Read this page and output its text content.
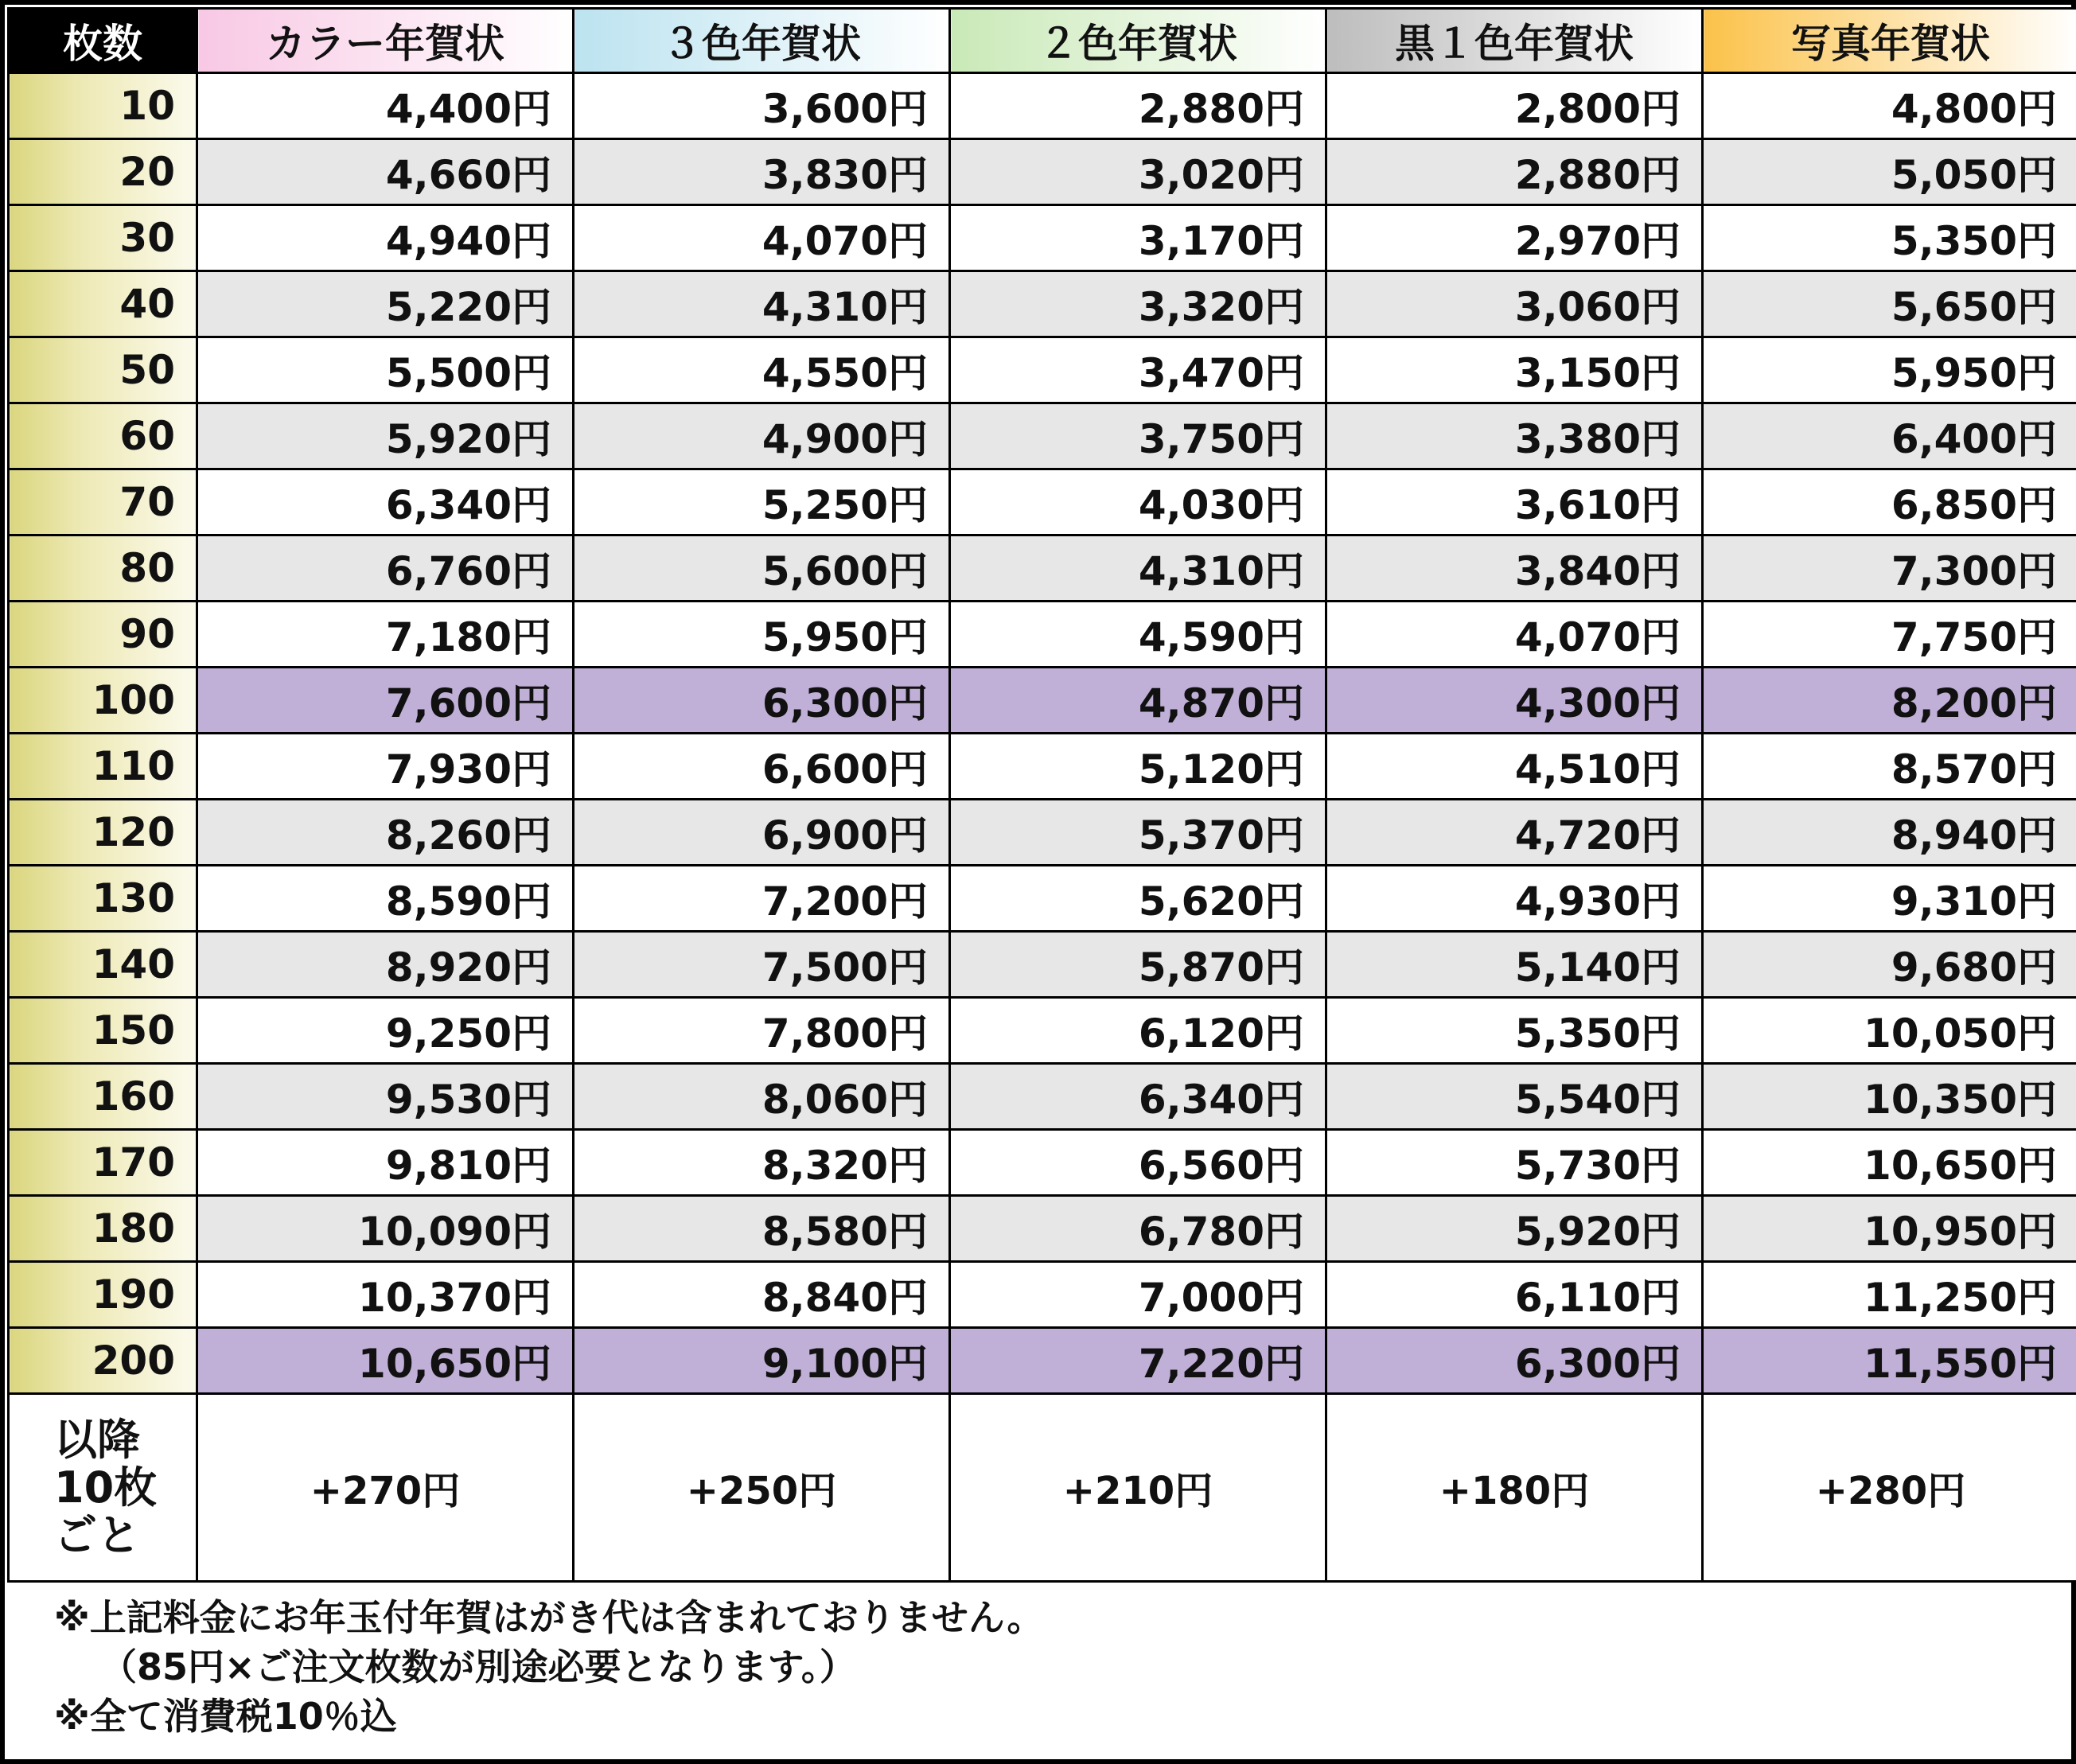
枚数	カラー年賀状	３色年賀状	２色年賀状	黒１色年賀状	写真年賀状
10	4,400円	3,600円	2,880円	2,800円	4,800円
20	4,660円	3,830円	3,020円	2,880円	5,050円
30	4,940円	4,070円	3,170円	2,970円	5,350円
40	5,220円	4,310円	3,320円	3,060円	5,650円
50	5,500円	4,550円	3,470円	3,150円	5,950円
60	5,920円	4,900円	3,750円	3,380円	6,400円
70	6,340円	5,250円	4,030円	3,610円	6,850円
80	6,760円	5,600円	4,310円	3,840円	7,300円
90	7,180円	5,950円	4,590円	4,070円	7,750円
100	7,600円	6,300円	4,870円	4,300円	8,200円
110	7,930円	6,600円	5,120円	4,510円	8,570円
120	8,260円	6,900円	5,370円	4,720円	8,940円
130	8,590円	7,200円	5,620円	4,930円	9,310円
140	8,920円	7,500円	5,870円	5,140円	9,680円
150	9,250円	7,800円	6,120円	5,350円	10,050円
160	9,530円	8,060円	6,340円	5,540円	10,350円
170	9,810円	8,320円	6,560円	5,730円	10,650円
180	10,090円	8,580円	6,780円	5,920円	10,950円
190	10,370円	8,840円	7,000円	6,110円	11,250円
200	10,650円	9,100円	7,220円	6,300円	11,550円

以降
10枚
ごと	+270円	+250円	+210円	+180円	+280円
※上記料金にお年玉付年賀はがき代は含まれておりません。
（85円×ご注文枚数が別途必要となります。）
※全て消費税10％込
